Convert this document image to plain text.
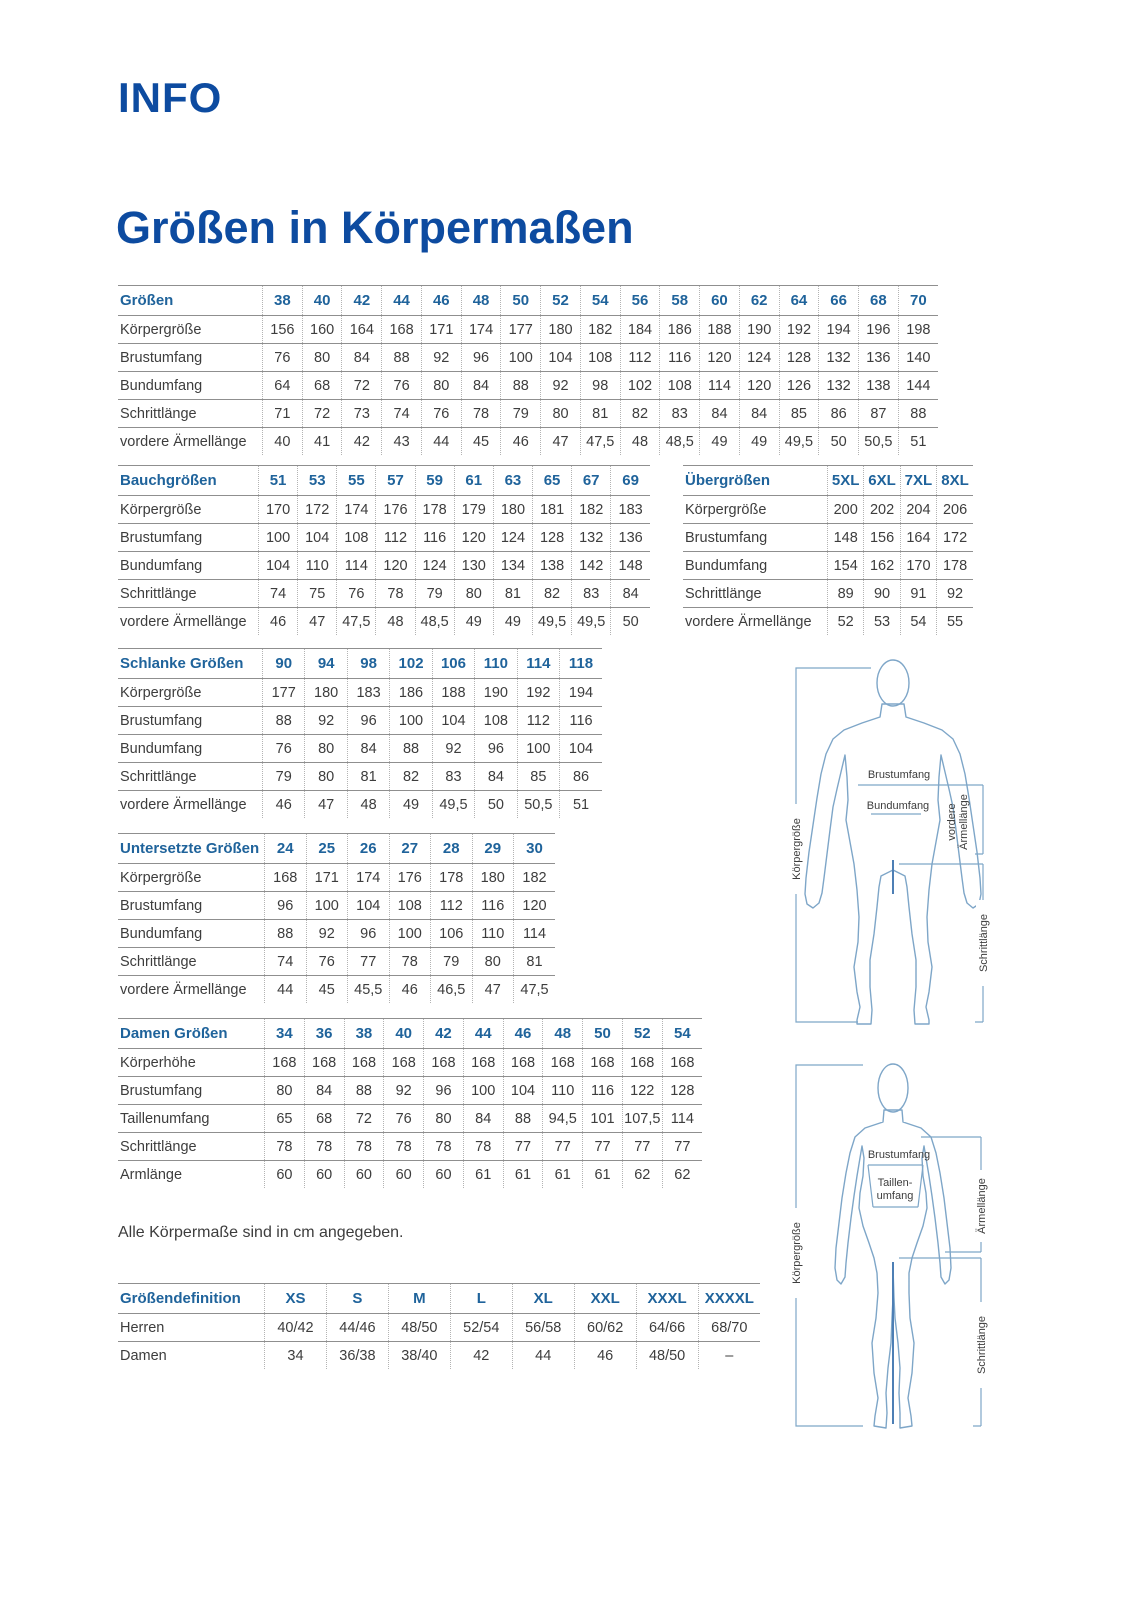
INFO
Größen in Körpermaßen
Größen	38	40	42	44	46	48	50	52	54	56	58	60	62	64	66	68	70
Körpergröße	156	160	164	168	171	174	177	180	182	184	186	188	190	192	194	196	198
Brustumfang	76	80	84	88	92	96	100	104	108	112	116	120	124	128	132	136	140
Bundumfang	64	68	72	76	80	84	88	92	98	102	108	114	120	126	132	138	144
Schrittlänge	71	72	73	74	76	78	79	80	81	82	83	84	84	85	86	87	88
vordere Ärmellänge	40	41	42	43	44	45	46	47	47,5	48	48,5	49	49	49,5	50	50,5	51
Bauchgrößen	51	53	55	57	59	61	63	65	67	69
Körpergröße	170	172	174	176	178	179	180	181	182	183
Brustumfang	100	104	108	112	116	120	124	128	132	136
Bundumfang	104	110	114	120	124	130	134	138	142	148
Schrittlänge	74	75	76	78	79	80	81	82	83	84
vordere Ärmellänge	46	47	47,5	48	48,5	49	49	49,5	49,5	50
Übergrößen	5XL	6XL	7XL	8XL
Körpergröße	200	202	204	206
Brustumfang	148	156	164	172
Bundumfang	154	162	170	178
Schrittlänge	89	90	91	92
vordere Ärmellänge	52	53	54	55
Schlanke Größen	90	94	98	102	106	110	114	118
Körpergröße	177	180	183	186	188	190	192	194
Brustumfang	88	92	96	100	104	108	112	116
Bundumfang	76	80	84	88	92	96	100	104
Schrittlänge	79	80	81	82	83	84	85	86
vordere Ärmellänge	46	47	48	49	49,5	50	50,5	51
Untersetzte Größen	24	25	26	27	28	29	30
Körpergröße	168	171	174	176	178	180	182
Brustumfang	96	100	104	108	112	116	120
Bundumfang	88	92	96	100	106	110	114
Schrittlänge	74	76	77	78	79	80	81
vordere Ärmellänge	44	45	45,5	46	46,5	47	47,5
Damen Größen	34	36	38	40	42	44	46	48	50	52	54
Körperhöhe	168	168	168	168	168	168	168	168	168	168	168
Brustumfang	80	84	88	92	96	100	104	110	116	122	128
Taillenumfang	65	68	72	76	80	84	88	94,5	101	107,5	114
Schrittlänge	78	78	78	78	78	78	77	77	77	77	77
Armlänge	60	60	60	60	60	61	61	61	61	62	62
Alle Körpermaße sind in cm angegeben.
Größendefinition	XS	S	M	L	XL	XXL	XXXL	XXXXL
Herren	40/42	44/46	48/50	52/54	56/58	60/62	64/66	68/70
Damen	34	36/38	38/40	42	44	46	48/50	–
Körpergröße
Brustumfang
Bundumfang vordere Ärmellänge
Schrittlänge
Körpergröße
Brustumfang
Taillen-
umfang	Ärmellänge
Schrittlänge
